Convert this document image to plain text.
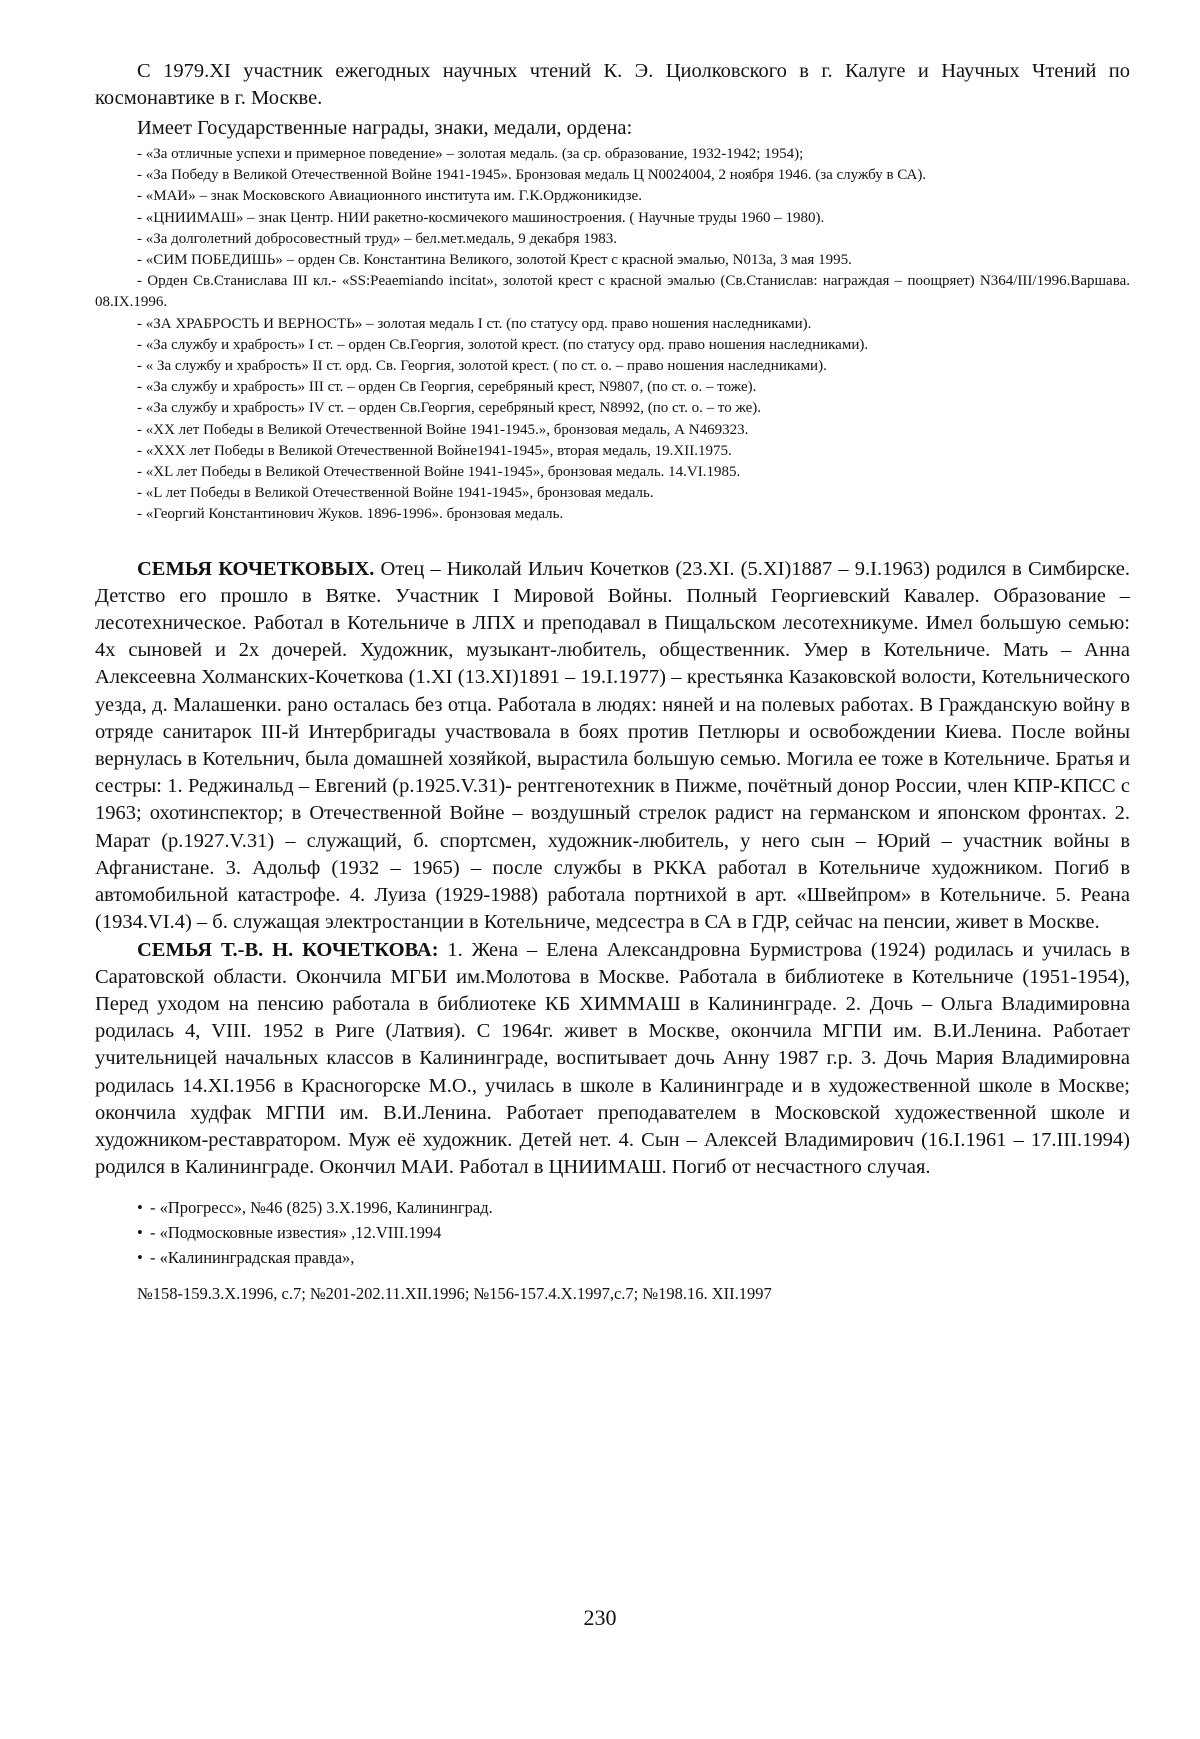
С 1979.XI участник ежегодных научных чтений К. Э. Циолковского в г. Калуге и Научных Чтений по космонавтике в г. Москве.

Имеет Государственные награды, знаки, медали, ордена:

- «За отличные успехи и примерное поведение» – золотая медаль. (за ср. образование, 1932-1942; 1954);

- «За Победу в Великой Отечественной Войне 1941-1945». Бронзовая медаль Ц N0024004, 2 ноября 1946. (за службу в СА).

- «МАИ» – знак Московского Авиационного института им. Г.К.Орджоникидзе.

- «ЦНИИМАШ» – знак Центр. НИИ ракетно-космичекого машиностроения. ( Научные труды 1960 – 1980).

- «За долголетний добросовестный труд» – бел.мет.медаль, 9 декабря 1983.

- «СИМ ПОБЕДИШЬ» – орден Св. Константина Великого, золотой Крест с красной эмалью, N013а, 3 мая 1995.

- Орден Св.Станислава III кл.- «SS:Peaemiando incitat», золотой крест с красной эмалью (Св.Станислав: награждая – поощряет) N364/III/1996.Варшава. 08.IX.1996.

- «ЗА ХРАБРОСТЬ И ВЕРНОСТЬ» – золотая медаль I ст. (по статусу орд. право ношения наследниками).

- «За службу и храбрость» I ст. – орден Св.Георгия, золотой крест. (по статусу орд. право ношения наследниками).

- « За службу и храбрость» II ст. орд. Св. Георгия, золотой крест. ( по ст. о. – право ношения наследниками).

- «За службу и храбрость» III ст. – орден Св Георгия, серебряный крест, N9807, (по ст. о. – тоже).

- «За службу и храбрость» IV ст. – орден Св.Георгия, серебряный крест, N8992, (по ст. о. – то же).

- «XX лет Победы в Великой Отечественной Войне 1941-1945.», бронзовая медаль, А N469323.

- «XXX лет Победы в Великой Отечественной Войне1941-1945», вторая медаль, 19.XII.1975.

- «XL лет Победы в Великой Отечественной Войне 1941-1945», бронзовая медаль. 14.VI.1985.

- «L лет Победы в Великой Отечественной Войне 1941-1945», бронзовая медаль.

- «Георгий Константинович Жуков. 1896-1996». бронзовая медаль.

СЕМЬЯ КОЧЕТКОВЫХ. Отец – Николай Ильич Кочетков (23.XI. (5.XI)1887 – 9.I.1963) родился в Симбирске. Детство его прошло в Вятке. Участник I Мировой Войны. Полный Георгиевский Кавалер. Образование – лесотехническое. Работал в Котельниче в ЛПХ и преподавал в Пищальском лесотехникуме. Имел большую семью: 4х сыновей и 2х дочерей. Художник, музыкант-любитель, общественник. Умер в Котельниче. Мать – Анна Алексеевна Холманских-Кочеткова (1.XI (13.XI)1891 – 19.I.1977) – крестьянка Казаковской волости, Котельнического уезда, д. Малашенки. рано осталась без отца. Работала в людях: няней и на полевых работах. В Гражданскую войну в отряде санитарок III-й Интербригады участвовала в боях против Петлюры и освобождении Киева. После войны вернулась в Котельнич, была домашней хозяйкой, вырастила большую семью. Могила ее тоже в Котельниче. Братья и сестры: 1. Реджинальд – Евгений (р.1925.V.31)- рентгенотехник в Пижме, почётный донор России, член КПР-КПСС с 1963; охотинспектор; в Отечественной Войне – воздушный стрелок радист на германском и японском фронтах. 2. Марат (р.1927.V.31) – служащий, б. спортсмен, художник-любитель, у него сын – Юрий – участник войны в Афганистане. 3. Адольф (1932 – 1965) – после службы в РККА работал в Котельниче художником. Погиб в автомобильной катастрофе. 4. Луиза (1929-1988) работала портнихой в арт. «Швейпром» в Котельниче. 5. Реана (1934.VI.4) – б. служащая электростанции в Котельниче, медсестра в СА в ГДР, сейчас на пенсии, живет в Москве.

СЕМЬЯ Т.-В. Н. КОЧЕТКОВА: 1. Жена – Елена Александровна Бурмистрова (1924) родилась и училась в Саратовской области. Окончила МГБИ им.Молотова в Москве. Работала в библиотеке в Котельниче (1951-1954), Перед уходом на пенсию работала в библиотеке КБ ХИММАШ в Калининграде. 2. Дочь – Ольга Владимировна родилась 4, VIII. 1952 в Риге (Латвия). С 1964г. живет в Москве, окончила МГПИ им. В.И.Ленина. Работает учительницей начальных классов в Калининграде, воспитывает дочь Анну 1987 г.р. 3. Дочь Мария Владимировна родилась 14.XI.1956 в Красногорске М.О., училась в школе в Калининграде и в художественной школе в Москве; окончила худфак МГПИ им. В.И.Ленина. Работает преподавателем в Московской художественной школе и художником-реставратором. Муж её художник. Детей нет. 4. Сын – Алексей Владимирович (16.I.1961 – 17.III.1994) родился в Калининграде. Окончил МАИ. Работал в ЦНИИМАШ. Погиб от несчастного случая.

• - «Прогресс», №46 (825) 3.X.1996, Калининград.
• - «Подмосковные известия» ,12.VIII.1994
• - «Калининградская правда»,

№158-159.3.X.1996, с.7; №201-202.11.XII.1996; №156-157.4.X.1997,с.7; №198.16. XII.1997

230
